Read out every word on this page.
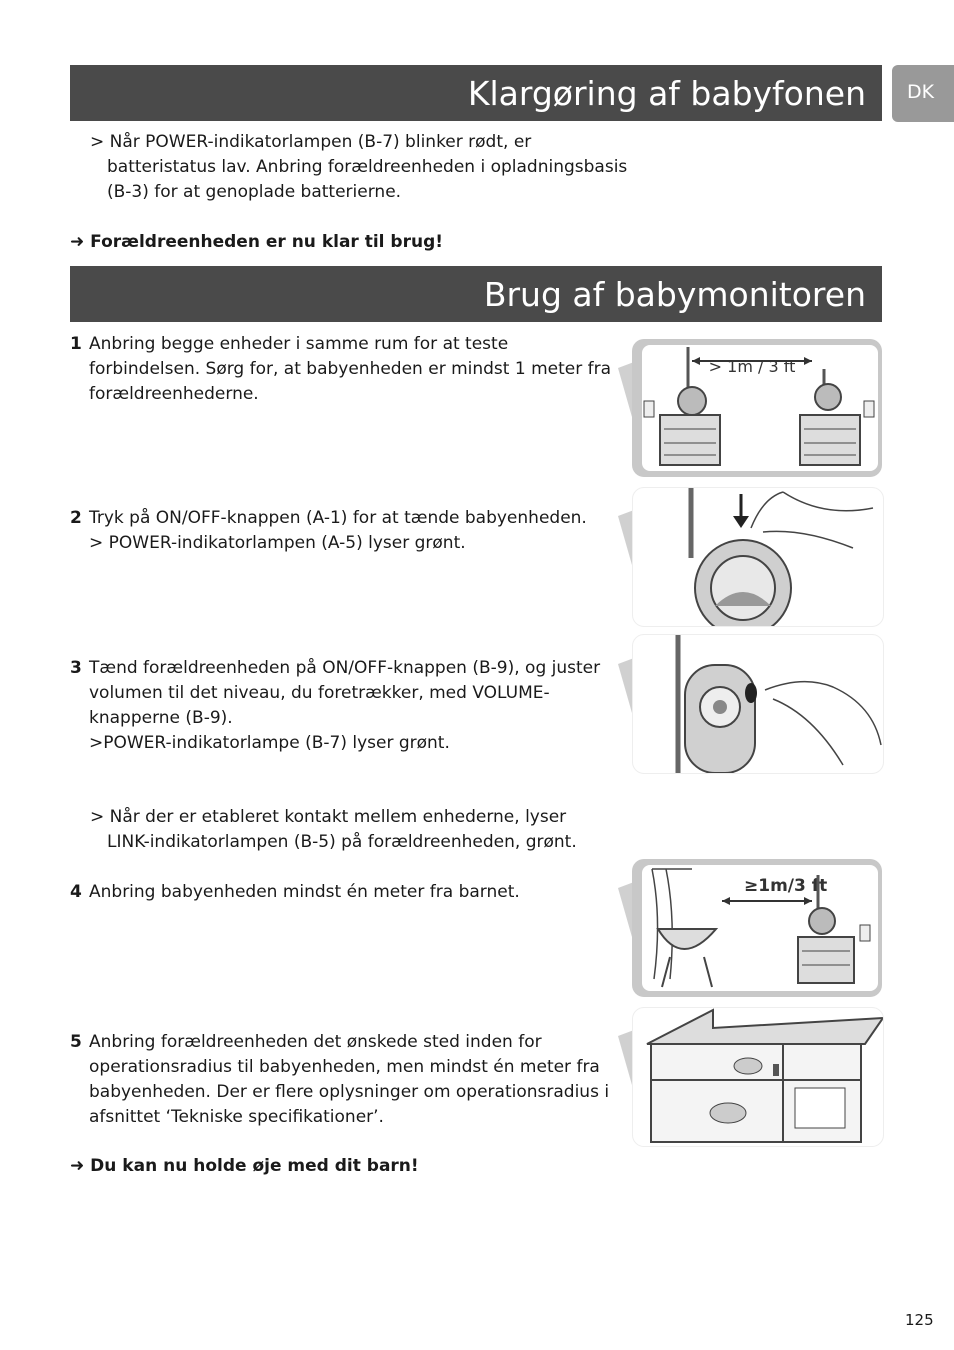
Klargøring af babyfonen	DK
> Når POWER-indikatorlampen (B-7) blinker rødt, er
batteristatus lav. Anbring forældreenheden i opladningsbasis
(B-3) for at genoplade batterierne.
➜ Forældreenheden er nu klar til brug!
Brug af babymonitoren
1 Anbring begge enheder i samme rum for at teste
forbindelsen. Sørg for, at babyenheden er mindst 1 meter fra
forældreenhederne.
2 Tryk på ON/OFF-knappen (A-1) for at tænde babyenheden.
> POWER-indikatorlampen (A-5) lyser grønt.
3 Tænd forældreenheden på ON/OFF-knappen (B-9), og juster
volumen til det niveau, du foretrækker, med VOLUME-
knapperne (B-9).
>POWER-indikatorlampe (B-7) lyser grønt.
> Når der er etableret kontakt mellem enhederne, lyser
LINK-indikatorlampen (B-5) på forældreenheden, grønt.
4 Anbring babyenheden mindst én meter fra barnet.
5 Anbring forældreenheden det ønskede sted inden for
operationsradius til babyenheden, men mindst én meter fra
babyenheden. Der er flere oplysninger om operationsradius i
afsnittet ‘Tekniske specifikationer’.
➜ Du kan nu holde øje med dit barn!
> 1m / 3 ft
≥1m/3 ft
125
